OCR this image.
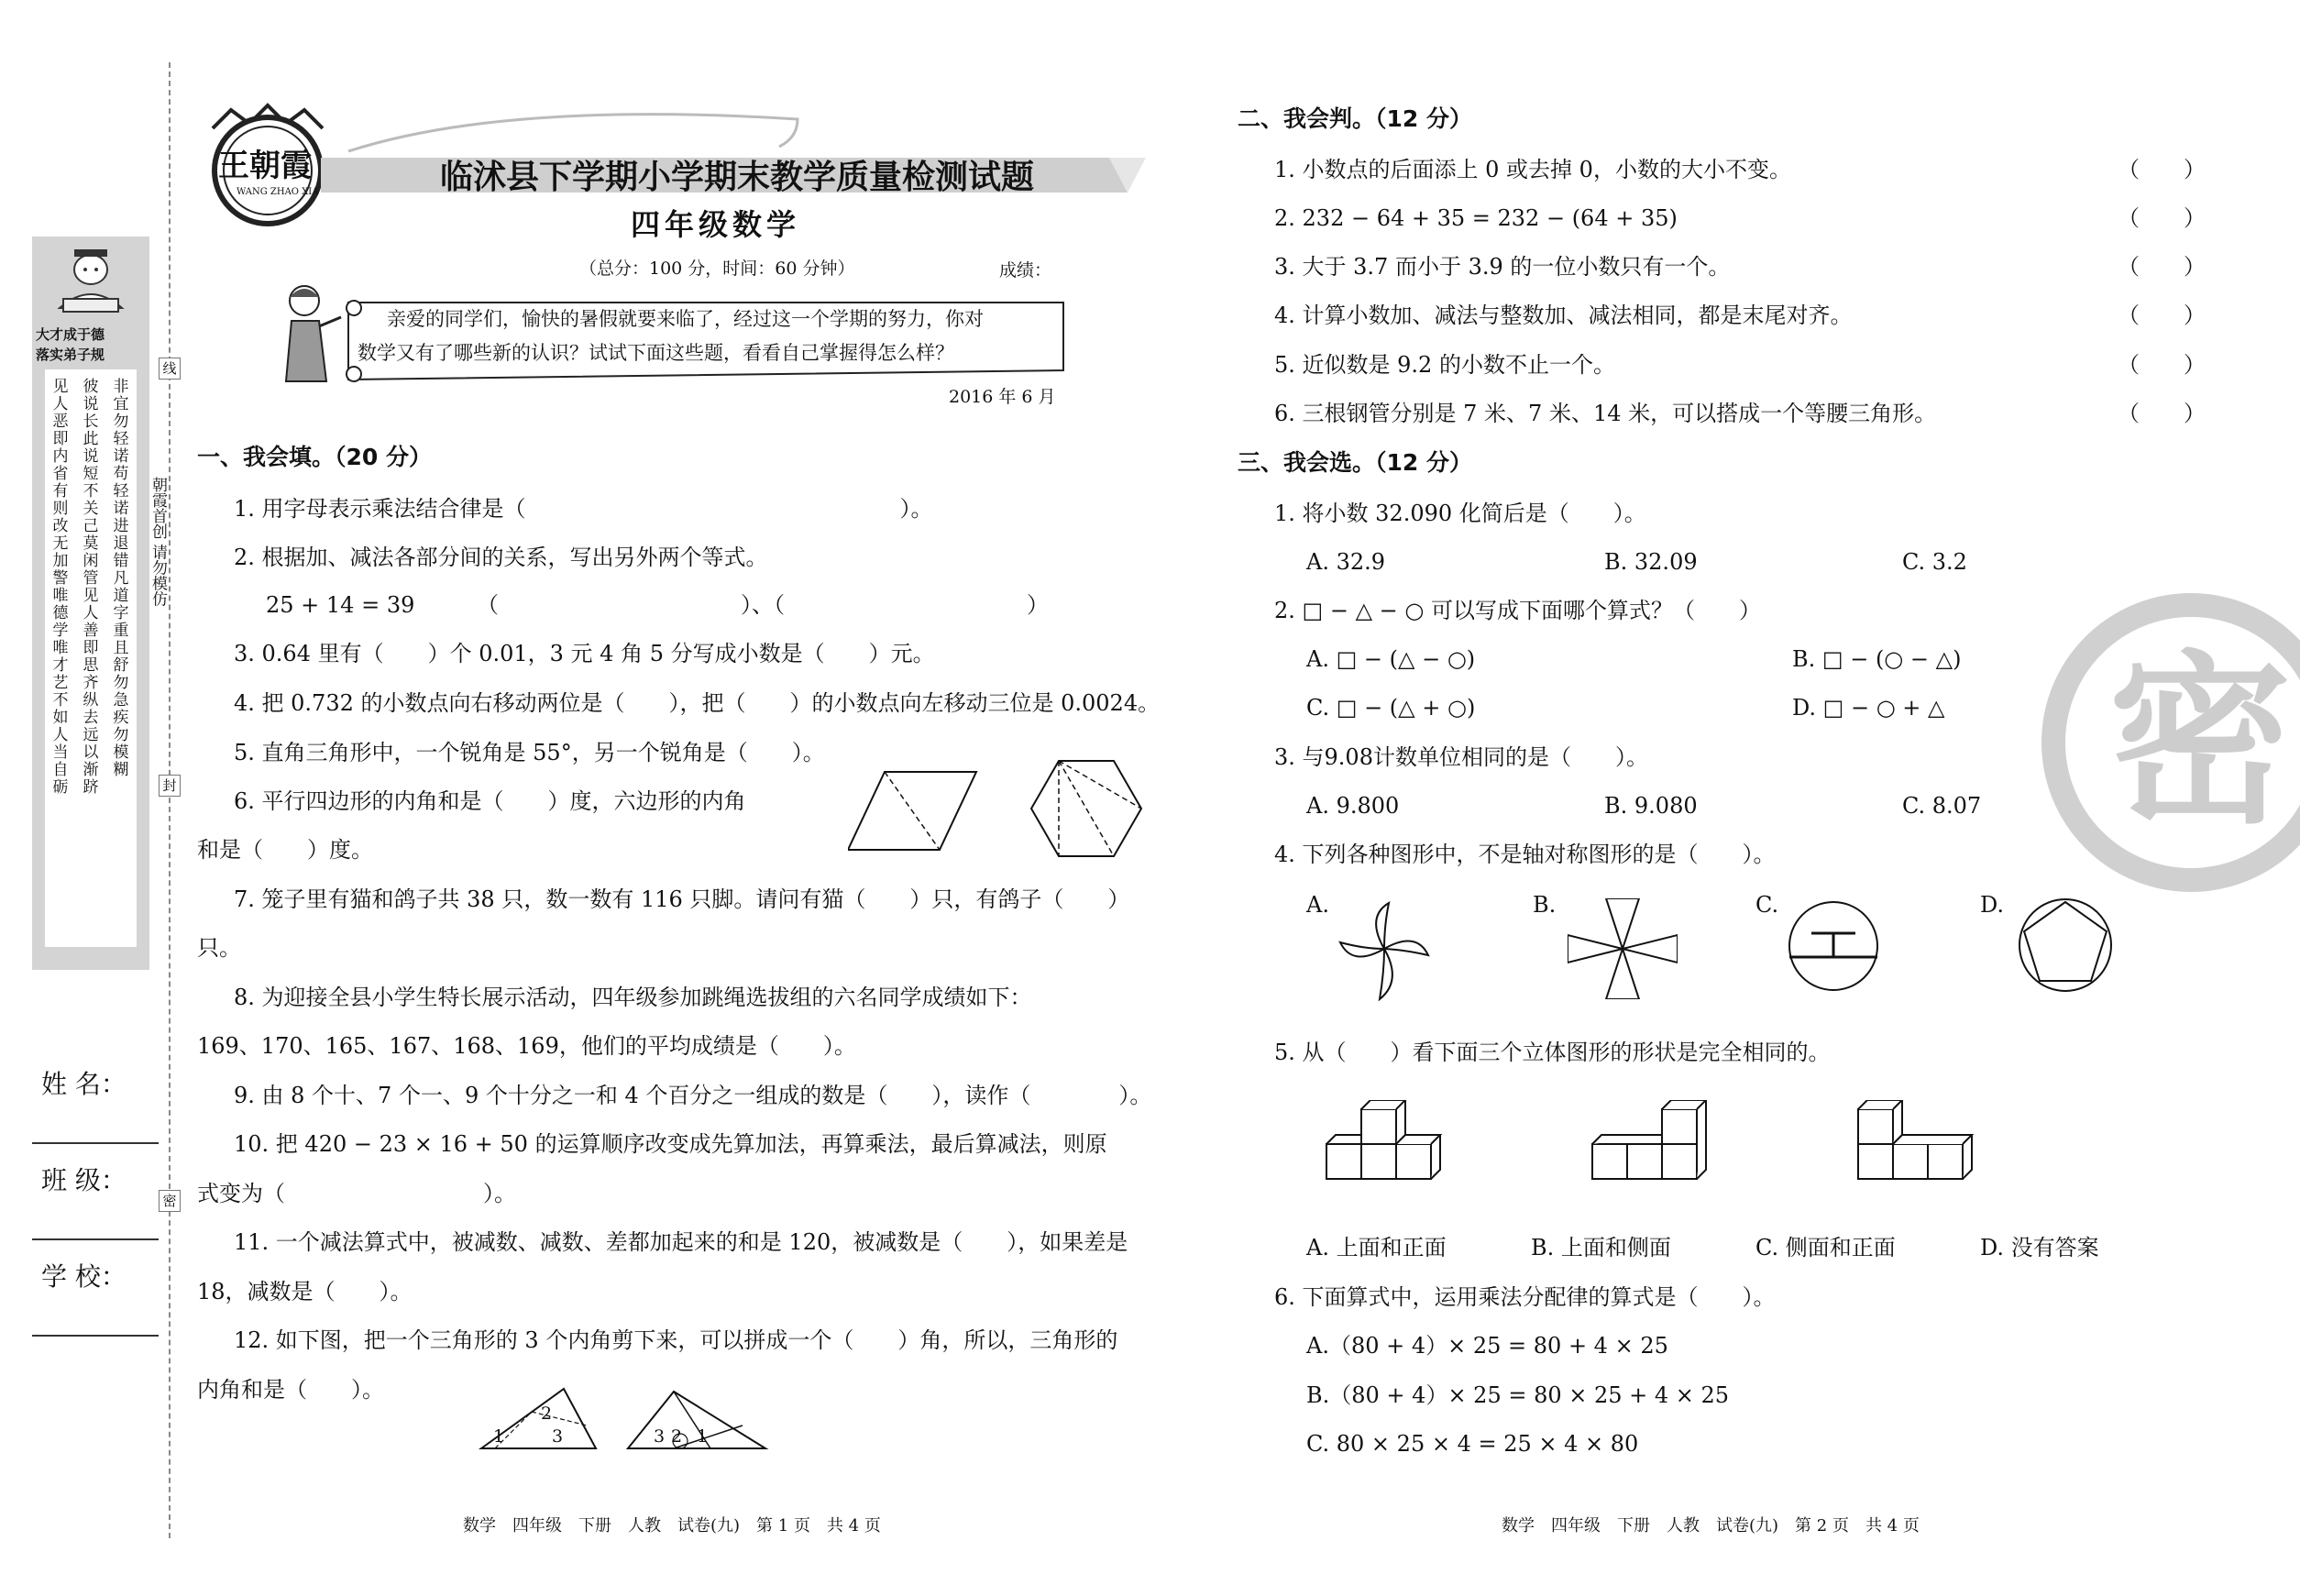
线
封
密
大才成于德
落实弟子规
见人恶即内省有则改无加警唯德学唯才艺不如人当自砺
彼说长此说短不关己莫闲管见人善即思齐纵去远以渐跻
非宜勿轻诺苟轻诺进退错凡道字重且舒勿急疾勿模糊
朝霞首创 请勿模仿
姓 名：
班 级：
学 校：
王朝霞
WANG ZHAO XIA	临沭县下学期小学期末教学质量检测试题
四年级数学
（总分：100 分，时间：60 分钟）	成绩：
亲爱的同学们，愉快的暑假就要来临了，经过这一个学期的努力，你对
数学又有了哪些新的认识？试试下面这些题，看看自己掌握得怎么样？
2016 年 6 月
一、我会填。（20 分）
1. 用字母表示乘法结合律是（　　　　　　　　　　　　　　　　　）。
2. 根据加、减法各部分间的关系，写出另外两个等式。
25 + 14 = 39	（　　　　　　　　　　　）、（　　　　　　　　　　　）
3. 0.64 里有（　　）个 0.01，3 元 4 角 5 分写成小数是（　　）元。
4. 把 0.732 的小数点向右移动两位是（　　），把（　　）的小数点向左移动三位是 0.0024。
5. 直角三角形中，一个锐角是 55°，另一个锐角是（　　）。
6. 平行四边形的内角和是（　　）度，六边形的内角
和是（　　）度。
7. 笼子里有猫和鸽子共 38 只，数一数有 116 只脚。请问有猫（　　）只，有鸽子（　　）
只。
8. 为迎接全县小学生特长展示活动，四年级参加跳绳选拔组的六名同学成绩如下：
169、170、165、167、168、169，他们的平均成绩是（　　）。
9. 由 8 个十、7 个一、9 个十分之一和 4 个百分之一组成的数是（　　），读作（　　　　）。
10. 把 420 − 23 × 16 + 50 的运算顺序改变成先算加法，再算乘法，最后算减法，则原
式变为（　　　　　　　　　）。
11. 一个减法算式中，被减数、减数、差都加起来的和是 120，被减数是（　　），如果差是
18，减数是（　　）。
12. 如下图，把一个三角形的 3 个内角剪下来，可以拼成一个（　　）角，所以，三角形的
内角和是（　　）。
1
2
3	3 2 1
数学　四年级　下册　人教　试卷(九)　第 1 页　共 4 页
二、我会判。（12 分）
1. 小数点的后面添上 0 或去掉 0，小数的大小不变。	（　　）
2. 232 − 64 + 35 = 232 − (64 + 35)	（　　）
3. 大于 3.7 而小于 3.9 的一位小数只有一个。	（　　）
4. 计算小数加、减法与整数加、减法相同，都是末尾对齐。	（　　）
5. 近似数是 9.2 的小数不止一个。	（　　）
6. 三根钢管分别是 7 米、7 米、14 米，可以搭成一个等腰三角形。	（　　）
三、我会选。（12 分）
1. 将小数 32.090 化简后是（　　）。
A. 32.9	B. 32.09	C. 3.2
2. □ − △ − ○ 可以写成下面哪个算式？（　　）
A. □ − (△ − ○)	B. □ − (○ − △)
C. □ − (△ + ○)	D. □ − ○ + △
3. 与9.08计数单位相同的是（　　）。
A. 9.800	B. 9.080	C. 8.07
4. 下列各种图形中，不是轴对称图形的是（　　）。
A.	B.	C.	D.
5. 从（　　）看下面三个立体图形的形状是完全相同的。
A. 上面和正面	B. 上面和侧面	C. 侧面和正面	D. 没有答案
6. 下面算式中，运用乘法分配律的算式是（　　）。
A.（80 + 4）× 25 = 80 + 4 × 25
B.（80 + 4）× 25 = 80 × 25 + 4 × 25
C. 80 × 25 × 4 = 25 × 4 × 80
数学　四年级　下册　人教　试卷(九)　第 2 页　共 4 页
密
